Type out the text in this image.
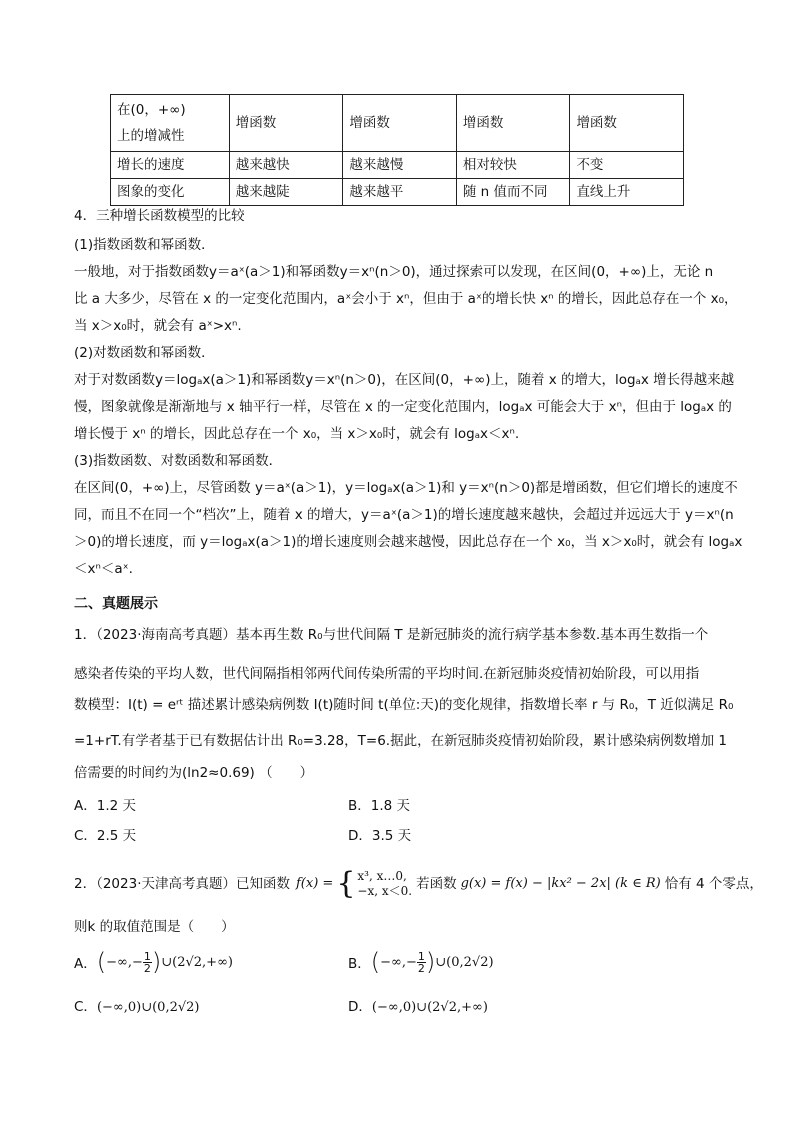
在(0，+∞)
上的增减性	增函数	增函数	增函数	增函数
增长的速度	越来越快	越来越慢	相对较快	不变
图象的变化	越来越陡	越来越平	随 n 值而不同	直线上升
4．三种增长函数模型的比较
(1)指数函数和幂函数．
一般地，对于指数函数y＝aˣ(a＞1)和幂函数y＝xⁿ(n＞0)，通过探索可以发现，在区间(0，+∞)上，无论 n
比 a 大多少，尽管在 x 的一定变化范围内，aˣ会小于 xⁿ，但由于 aˣ的增长快 xⁿ 的增长，因此总存在一个 x₀，
当 x＞x₀时，就会有 aˣ>xⁿ.
(2)对数函数和幂函数．
对于对数函数y＝logₐx(a＞1)和幂函数y＝xⁿ(n＞0)，在区间(0，+∞)上，随着 x 的增大，logₐx 增长得越来越
慢，图象就像是渐渐地与 x 轴平行一样，尽管在 x 的一定变化范围内，logₐx 可能会大于 xⁿ，但由于 logₐx 的
增长慢于 xⁿ 的增长，因此总存在一个 x₀，当 x＞x₀时，就会有 logₐx＜xⁿ.
(3)指数函数、对数函数和幂函数．
在区间(0，+∞)上，尽管函数 y＝aˣ(a＞1)，y＝logₐx(a＞1)和 y＝xⁿ(n＞0)都是增函数，但它们增长的速度不
同，而且不在同一个“档次”上，随着 x 的增大，y＝aˣ(a＞1)的增长速度越来越快，会超过并远远大于 y＝xⁿ(n
＞0)的增长速度，而 y＝logₐx(a＞1)的增长速度则会越来越慢，因此总存在一个 x₀，当 x＞x₀时，就会有 logₐx
＜xⁿ＜aˣ.
二、真题展示
1．（2023·海南高考真题）基本再生数 R₀与世代间隔 T 是新冠肺炎的流行病学基本参数.基本再生数指一个
感染者传染的平均人数，世代间隔指相邻两代间传染所需的平均时间.在新冠肺炎疫情初始阶段，可以用指
数模型：I(t) = eʳᵗ 描述累计感染病例数 I(t)随时间 t(单位:天)的变化规律，指数增长率 r 与 R₀，T 近似满足 R₀
=1+rT.有学者基于已有数据估计出 R₀=3.28，T=6.据此，在新冠肺炎疫情初始阶段，累计感染病例数增加 1
倍需要的时间约为(ln2≈0.69) （　　）
A．1.2 天	B．1.8 天
C．2.5 天	D．3.5 天
2．（2023·天津高考真题）已知函数 f(x) = { x³, x…0,
−x, x＜0. 若函数 g(x) = f(x) − |kx² − 2x| (k ∈ R) 恰有 4 个零点，
则k 的取值范围是（　　）
A． ( −∞,− $\frac{1}{2}$ ) ∪(2√2,+∞)	B． ( −∞,− $\frac{1}{2}$ ) ∪(0,2√2)
C．(−∞,0)∪(0,2√2)	D．(−∞,0)∪(2√2,+∞)
